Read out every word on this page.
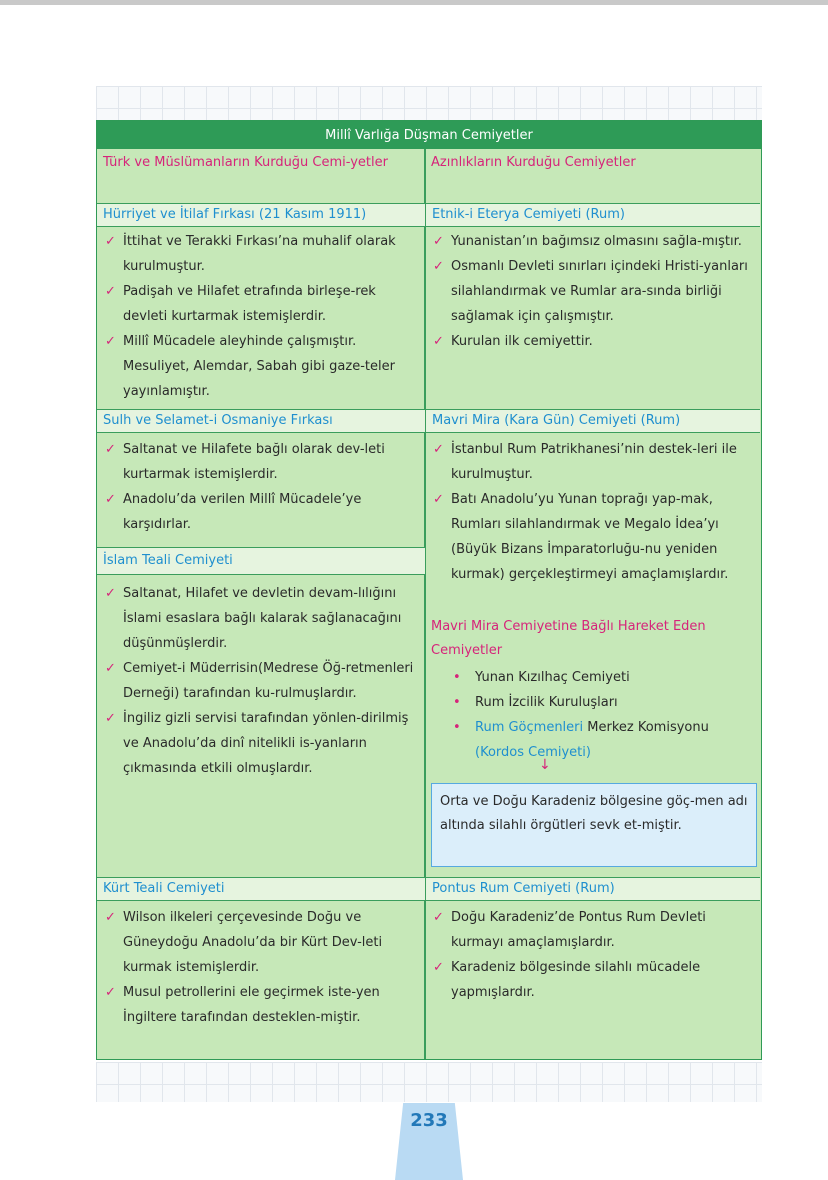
Millî Varlığa Düşman Cemiyetler
Türk ve Müslümanların Kurduğu Cemi-yetler	Azınlıkların Kurduğu Cemiyetler
Hürriyet ve İtilaf Fırkası (21 Kasım 1911)	Etnik-i Eterya Cemiyeti (Rum)
✓ İttihat ve Terakki Fırkası’na muhalif olarak kurulmuştur.
✓ Padişah ve Hilafet etrafında birleşe-rek devleti kurtarmak istemişlerdir.
✓ Millî Mücadele aleyhinde çalışmıştır. Mesuliyet, Alemdar, Sabah gibi gaze-teler yayınlamıştır.
✓ Yunanistan’ın bağımsız olmasını sağla-mıştır.
✓ Osmanlı Devleti sınırları içindeki Hristi-yanları silahlandırmak ve Rumlar ara-sında birliği sağlamak için çalışmıştır.
✓ Kurulan ilk cemiyettir.
Sulh ve Selamet-i Osmaniye Fırkası	Mavri Mira (Kara Gün) Cemiyeti (Rum)
✓ Saltanat ve Hilafete bağlı olarak dev-leti kurtarmak istemişlerdir.
✓ Anadolu’da verilen Millî Mücadele’ye karşıdırlar.
✓ İstanbul Rum Patrikhanesi’nin destek-leri ile kurulmuştur.
✓ Batı Anadolu’yu Yunan toprağı yap-mak, Rumları silahlandırmak ve Megalo İdea’yı (Büyük Bizans İmparatorluğu-nu yeniden kurmak) gerçekleştirmeyi amaçlamışlardır.
İslam Teali Cemiyeti
✓ Saltanat, Hilafet ve devletin devam-lılığını İslami esaslara bağlı kalarak sağlanacağını düşünmüşlerdir.
✓ Cemiyet-i Müderrisin(Medrese Öğ-retmenleri Derneği) tarafından ku-rulmuşlardır.
✓ İngiliz gizli servisi tarafından yönlen-dirilmiş ve Anadolu’da dinî nitelikli is-yanların çıkmasında etkili olmuşlardır.
Mavri Mira Cemiyetine Bağlı Hareket Eden Cemiyetler
• Yunan Kızılhaç Cemiyeti
• Rum İzcilik Kuruluşları
• Rum Göçmenleri Merkez Komisyonu
(Kordos Cemiyeti)
↓
Orta ve Doğu Karadeniz bölgesine göç-men adı altında silahlı örgütleri sevk et-miştir.
Kürt Teali Cemiyeti	Pontus Rum Cemiyeti (Rum)
✓ Wilson ilkeleri çerçevesinde Doğu ve Güneydoğu Anadolu’da bir Kürt Dev-leti kurmak istemişlerdir.
✓ Musul petrollerini ele geçirmek iste-yen İngiltere tarafından destеklen-miştir.
✓ Doğu Karadeniz’de Pontus Rum Devleti kurmayı amaçlamışlardır.
✓ Karadeniz bölgesinde silahlı mücadele yapmışlardır.
233
